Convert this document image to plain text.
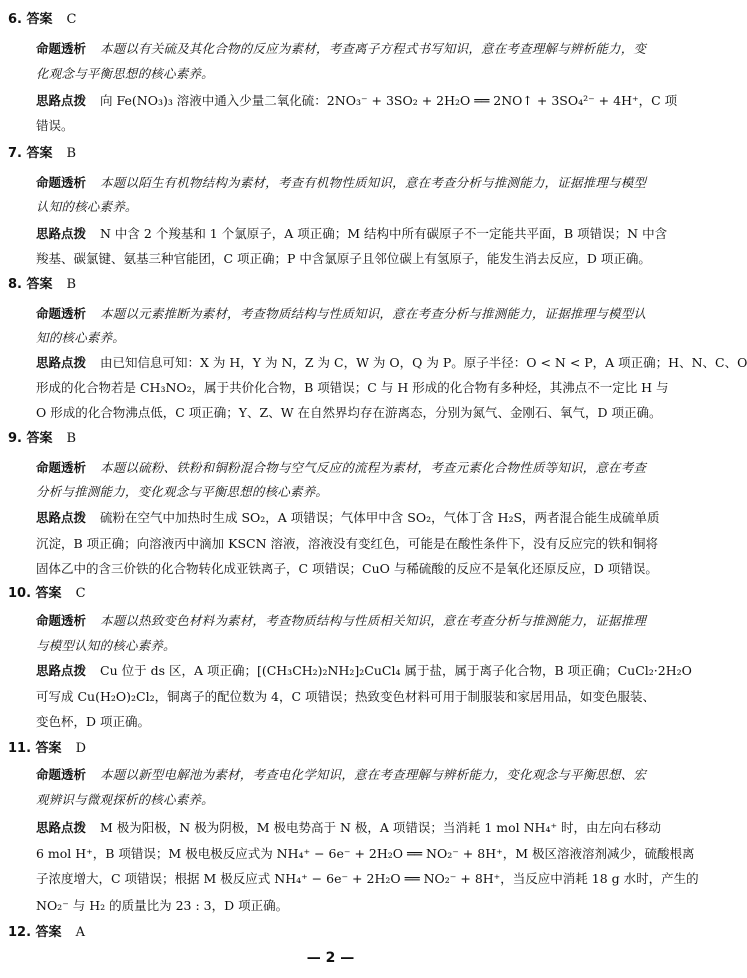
6. 答案 C
命题透析 本题以有关硫及其化合物的反应为素材，考查离子方程式书写知识，意在考查理解与辨析能力，变
化观念与平衡思想的核心素养。
思路点拨 向 Fe(NO₃)₃ 溶液中通入少量二氧化硫：2NO₃⁻ + 3SO₂ + 2H₂O ══ 2NO↑ + 3SO₄²⁻ + 4H⁺，C 项
错误。
7. 答案 B
命题透析 本题以陌生有机物结构为素材，考查有机物性质知识，意在考查分析与推测能力，证据推理与模型
认知的核心素养。
思路点拨 N 中含 2 个羧基和 1 个氯原子，A 项正确；M 结构中所有碳原子不一定能共平面，B 项错误；N 中含
羧基、碳氯键、氨基三种官能团，C 项正确；P 中含氯原子且邻位碳上有氢原子，能发生消去反应，D 项正确。
8. 答案 B
命题透析 本题以元素推断为素材，考查物质结构与性质知识，意在考查分析与推测能力，证据推理与模型认
知的核心素养。
思路点拨 由已知信息可知：X 为 H，Y 为 N，Z 为 C，W 为 O，Q 为 P。原子半径：O < N < P，A 项正确；H、N、C、O
形成的化合物若是 CH₃NO₂，属于共价化合物，B 项错误；C 与 H 形成的化合物有多种烃，其沸点不一定比 H 与
O 形成的化合物沸点低，C 项正确；Y、Z、W 在自然界均存在游离态，分别为氮气、金刚石、氧气，D 项正确。
9. 答案 B
命题透析 本题以硫粉、铁粉和铜粉混合物与空气反应的流程为素材，考查元素化合物性质等知识，意在考查
分析与推测能力，变化观念与平衡思想的核心素养。
思路点拨 硫粉在空气中加热时生成 SO₂，A 项错误；气体甲中含 SO₂，气体丁含 H₂S，两者混合能生成硫单质
沉淀，B 项正确；向溶液丙中滴加 KSCN 溶液，溶液没有变红色，可能是在酸性条件下，没有反应完的铁和铜将
固体乙中的含三价铁的化合物转化成亚铁离子，C 项错误；CuO 与稀硫酸的反应不是氧化还原反应，D 项错误。
10. 答案 C
命题透析 本题以热致变色材料为素材，考查物质结构与性质相关知识，意在考查分析与推测能力，证据推理
与模型认知的核心素养。
思路点拨 Cu 位于 ds 区，A 项正确；[(CH₃CH₂)₂NH₂]₂CuCl₄ 属于盐，属于离子化合物，B 项正确；CuCl₂·2H₂O
可写成 Cu(H₂O)₂Cl₂，铜离子的配位数为 4，C 项错误；热致变色材料可用于制服装和家居用品，如变色服装、
变色杯，D 项正确。
11. 答案 D
命题透析 本题以新型电解池为素材，考查电化学知识，意在考查理解与辨析能力，变化观念与平衡思想、宏
观辨识与微观探析的核心素养。
思路点拨 M 极为阳极，N 极为阴极，M 极电势高于 N 极，A 项错误；当消耗 1 mol NH₄⁺ 时，由左向右移动
6 mol H⁺，B 项错误；M 极电极反应式为 NH₄⁺ − 6e⁻ + 2H₂O ══ NO₂⁻ + 8H⁺，M 极区溶液溶剂减少，硫酸根离
子浓度增大，C 项错误；根据 M 极反应式 NH₄⁺ − 6e⁻ + 2H₂O ══ NO₂⁻ + 8H⁺，当反应中消耗 18 g 水时，产生的
NO₂⁻ 与 H₂ 的质量比为 23 : 3，D 项正确。
12. 答案 A
— 2 —
